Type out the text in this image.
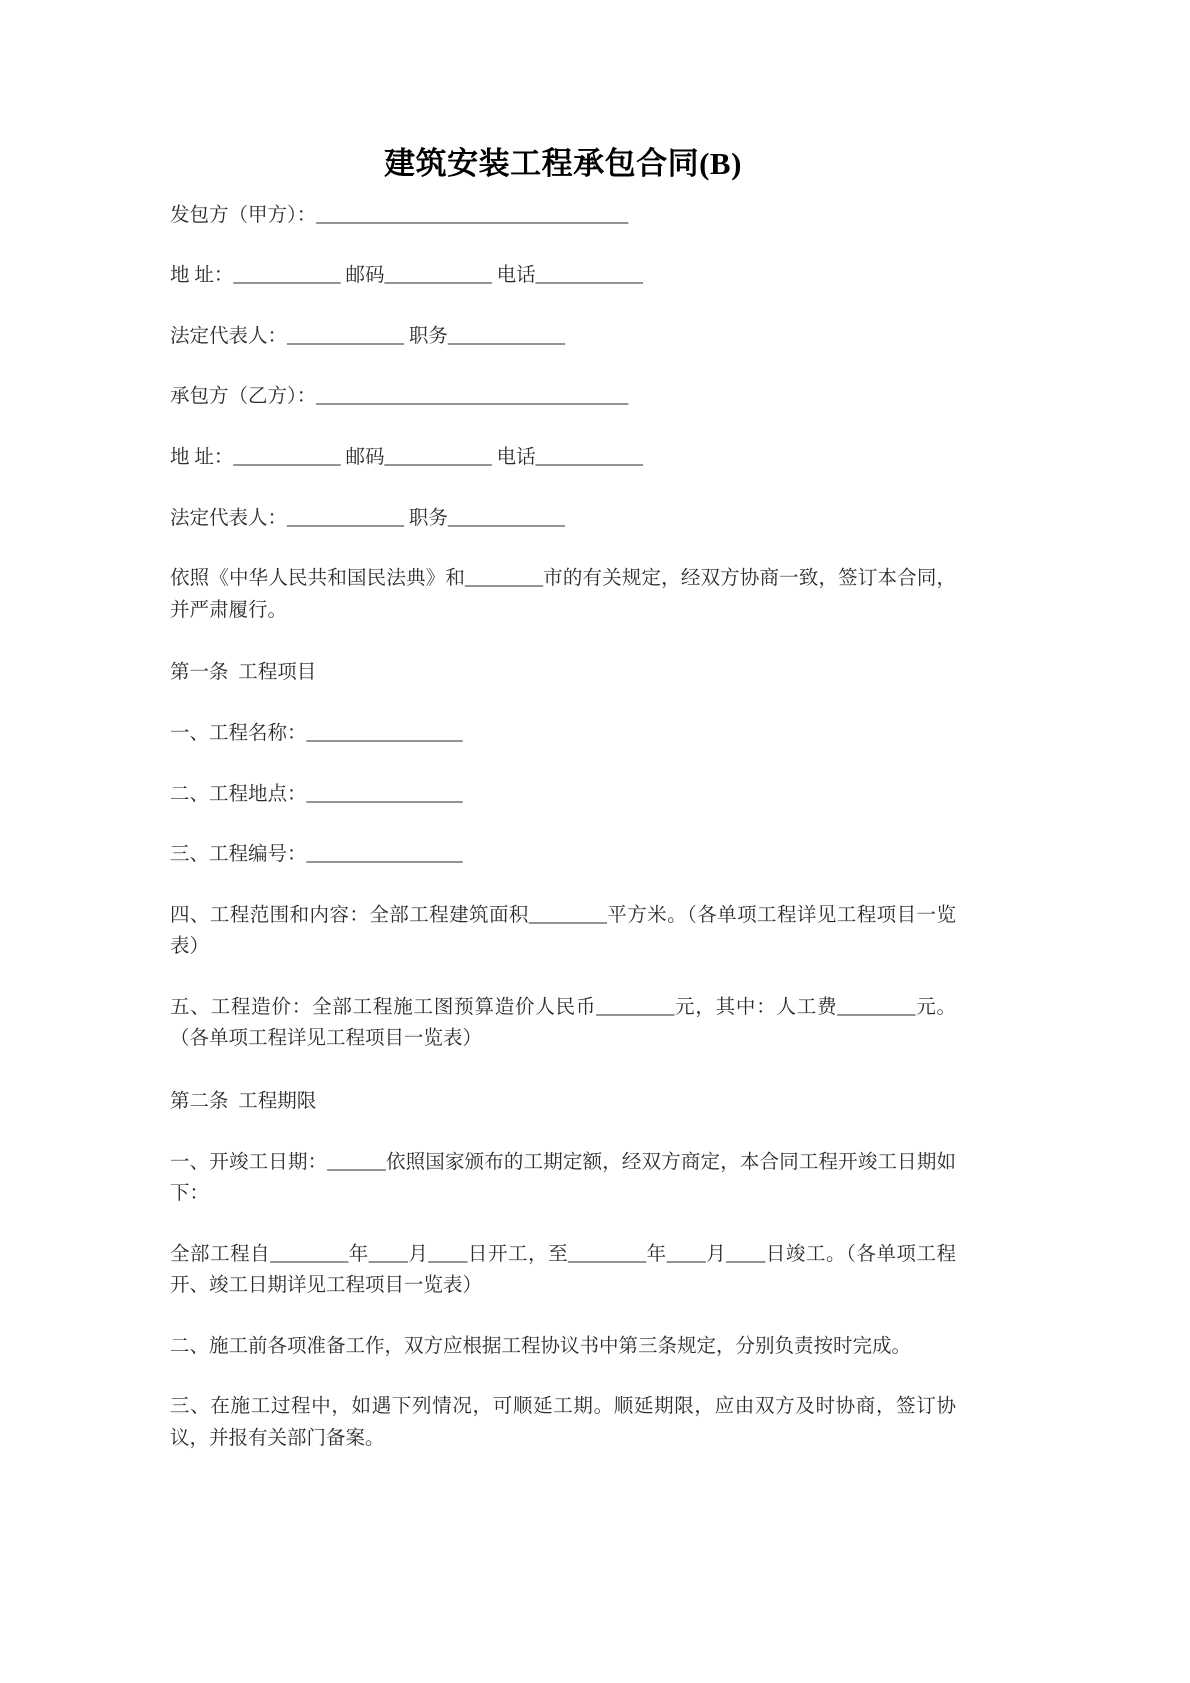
建筑安装工程承包合同(B)

发包方（甲方）：________________________________

地 址：___________ 邮码___________ 电话___________

法定代表人：____________ 职务____________

承包方（乙方）：________________________________

地 址：___________ 邮码___________ 电话___________

法定代表人：____________ 职务____________

依照《中华人民共和国民法典》和________市的有关规定，经双方协商一致，签订本合同，并严肃履行。

第一条  工程项目

一、工程名称：________________

二、工程地点：________________

三、工程编号：________________

四、工程范围和内容：全部工程建筑面积________平方米。（各单项工程详见工程项目一览表）

五、工程造价：全部工程施工图预算造价人民币________元，其中：人工费________元。（各单项工程详见工程项目一览表）

第二条  工程期限

一、开竣工日期：______依照国家颁布的工期定额，经双方商定，本合同工程开竣工日期如下：

全部工程自________年____月____日开工，至________年____月____日竣工。（各单项工程开、竣工日期详见工程项目一览表）

二、施工前各项准备工作，双方应根据工程协议书中第三条规定，分别负责按时完成。

三、在施工过程中，如遇下列情况，可顺延工期。顺延期限，应由双方及时协商，签订协议，并报有关部门备案。
